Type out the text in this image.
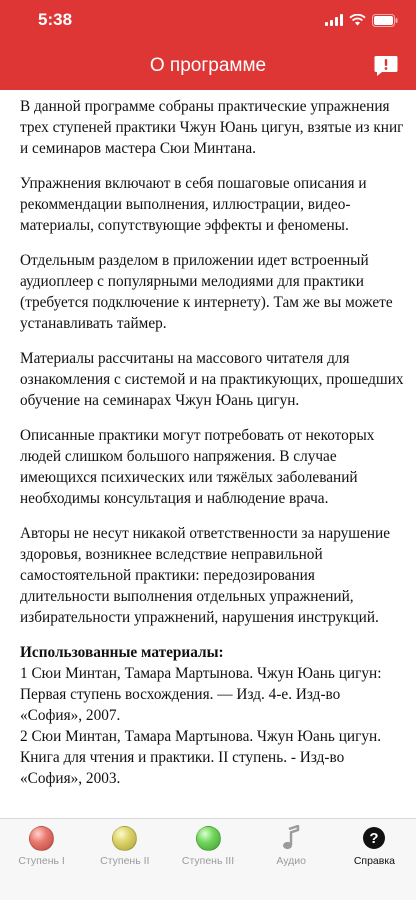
5:38
О программе

В данной программе собраны практические упражнения трех ступеней практики Чжун Юань цигун, взятые из книг и семинаров мастера Сюи Минтана.

Упражнения включают в себя пошаговые описания и рекоммендации выполнения, иллюстрации, видео-материалы, сопутствующие эффекты и феномены.

Отдельным разделом в приложении идет встроенный аудиоплеер с популярными мелодиями для практики (требуется подключение к интернету). Там же вы можете устанавливать таймер.

Материалы рассчитаны на массового читателя для ознакомления с системой и на практикующих, прошедших обучение на семинарах Чжун Юань цигун.

Описанные практики могут потребовать от некоторых людей слишком большого напряжения. В случае имеющихся психических или тяжёлых заболеваний необходимы консультация и наблюдение врача.

Авторы не несут никакой ответственности за нарушение здоровья, возникнее вследствие неправильной самостоятельной практики: передозирования длительности выполнения отдельных упражнений, избирательности упражнений, нарушения инструкций.

Использованные материалы:
1 Сюи Минтан, Тамара Мартынова. Чжун Юань цигун: Первая ступень восхождения. — Изд. 4-е. Изд-во «София», 2007.
2 Сюи Минтан, Тамара Мартынова. Чжун Юань цигун. Книга для чтения и практики. II ступень. - Изд-во «София», 2003.
Ступень I	Ступень II	Ступень III	Аудио
?
Справка
